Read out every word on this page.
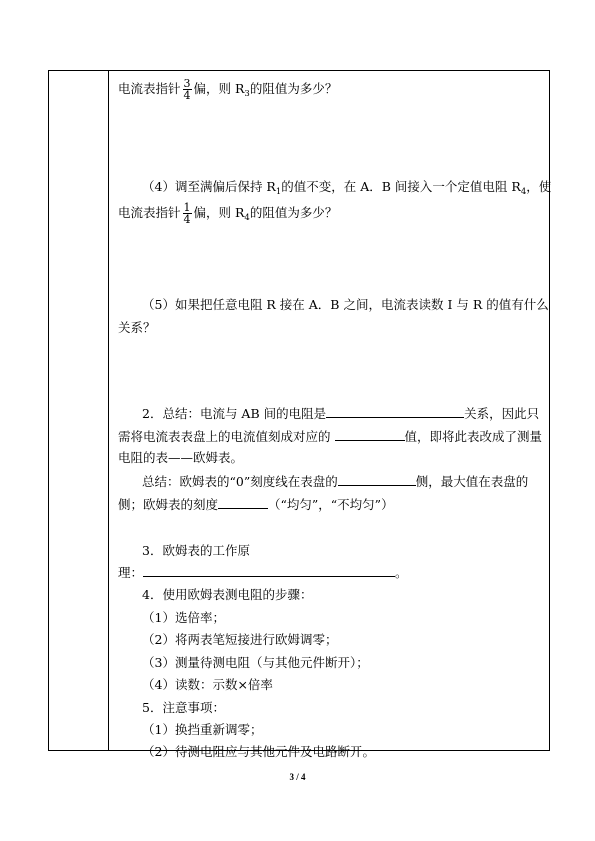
电流表指针 $\frac{3}{4}$ 偏，则 $R_3$的阻值为多少？
（4）调至满偏后保持 $R_1$的值不变，在 A．B 间接入一个定值电阻 $R_4$，使
电流表指针 $\frac{1}{4}$ 偏，则 $R_4$的阻值为多少？
（5）如果把任意电阻 R 接在 A．B 之间，电流表读数 I 与 R 的值有什么
关系？
2．总结：电流与 AB 间的电阻是	关系，因此只
需将电流表表盘上的电流值刻成对应的	值，即将此表改成了测量
电阻的表——欧姆表。
总结：欧姆表的“0”刻度线在表盘的	侧，最大值在表盘的
侧；欧姆表的刻度	（“均匀”，“不均匀”）
3．欧姆表的工作原
理：	。
4．使用欧姆表测电阻的步骤：
（1）选倍率；
（2）将两表笔短接进行欧姆调零；
（3）测量待测电阻（与其他元件断开）；
（4）读数：示数×倍率
5．注意事项：
（1）换挡重新调零；
（2）待测电阻应与其他元件及电路断开。
3 / 4
